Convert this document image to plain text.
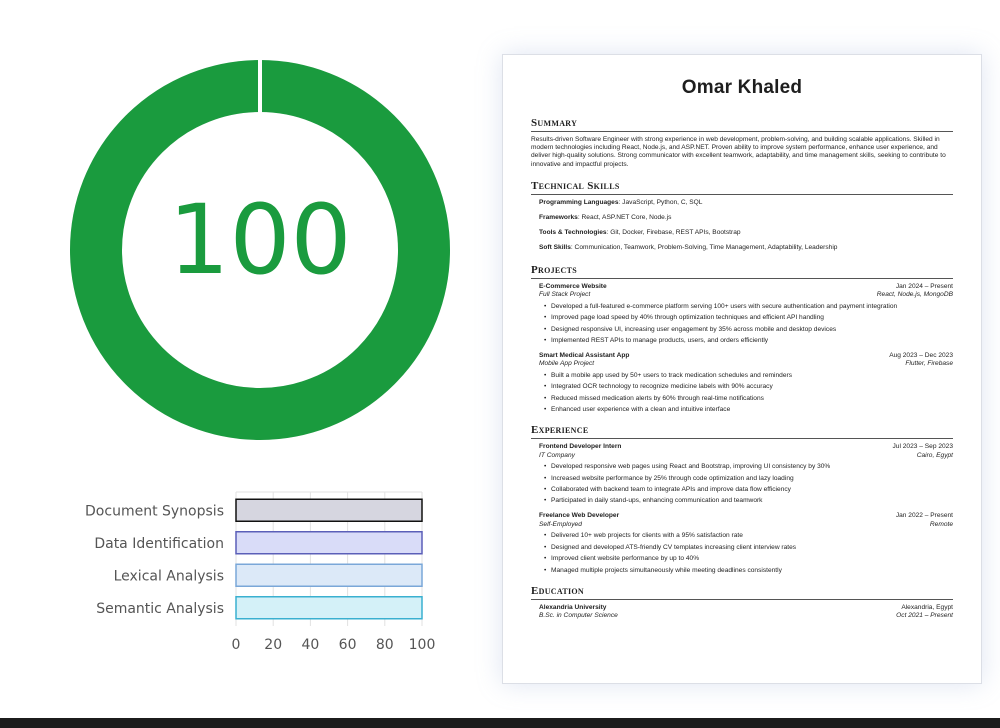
100
Document Synopsis
Data Identification
Lexical Analysis
Semantic Analysis
0 20 40 60 80 100
Omar Khaled
Summary
Results-driven Software Engineer with strong experience in web development, problem-solving, and building scalable applications. Skilled in modern technologies including React, Node.js, and ASP.NET. Proven ability to improve system performance, enhance user experience, and deliver high-quality solutions. Strong communicator with excellent teamwork, adaptability, and time management skills, seeking to contribute to innovative and impactful projects.
Technical Skills
Programming Languages: JavaScript, Python, C, SQL
Frameworks: React, ASP.NET Core, Node.js
Tools & Technologies: Git, Docker, Firebase, REST APIs, Bootstrap
Soft Skills: Communication, Teamwork, Problem-Solving, Time Management, Adaptability, Leadership
Projects
E-Commerce Website	Jan 2024 – Present
Full Stack Project	React, Node.js, MongoDB
• Developed a full-featured e-commerce platform serving 100+ users with secure authentication and payment integration
• Improved page load speed by 40% through optimization techniques and efficient API handling
• Designed responsive UI, increasing user engagement by 35% across mobile and desktop devices
• Implemented REST APIs to manage products, users, and orders efficiently
Smart Medical Assistant App	Aug 2023 – Dec 2023
Mobile App Project	Flutter, Firebase
• Built a mobile app used by 50+ users to track medication schedules and reminders
• Integrated OCR technology to recognize medicine labels with 90% accuracy
• Reduced missed medication alerts by 60% through real-time notifications
• Enhanced user experience with a clean and intuitive interface
Experience
Frontend Developer Intern	Jul 2023 – Sep 2023
IT Company	Cairo, Egypt
• Developed responsive web pages using React and Bootstrap, improving UI consistency by 30%
• Increased website performance by 25% through code optimization and lazy loading
• Collaborated with backend team to integrate APIs and improve data flow efficiency
• Participated in daily stand-ups, enhancing communication and teamwork
Freelance Web Developer	Jan 2022 – Present
Self-Employed	Remote
• Delivered 10+ web projects for clients with a 95% satisfaction rate
• Designed and developed ATS-friendly CV templates increasing client interview rates
• Improved client website performance by up to 40%
• Managed multiple projects simultaneously while meeting deadlines consistently
Education
Alexandria University	Alexandria, Egypt
B.Sc. in Computer Science	Oct 2021 – Present
